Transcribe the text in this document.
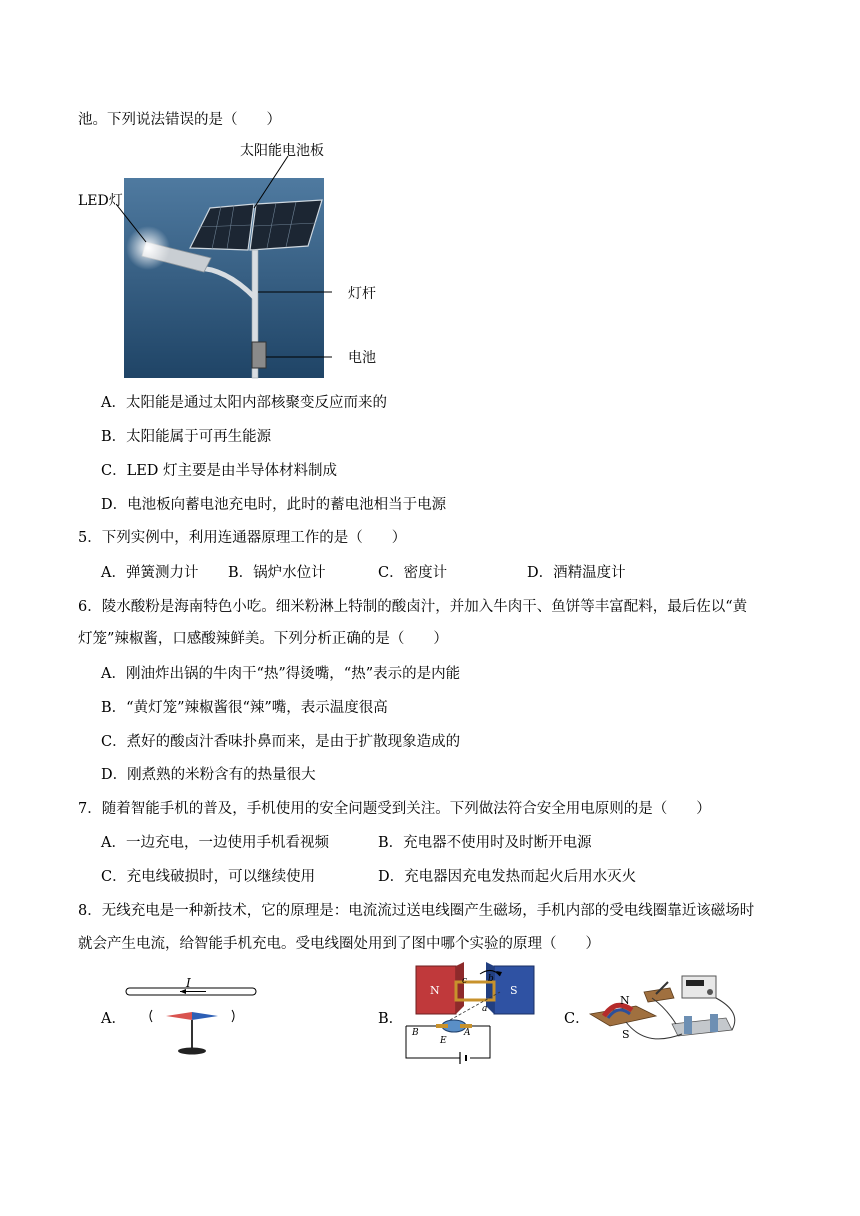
池。下列说法错误的是（　　）
太阳能电池板
LED灯
灯杆
电池
A．太阳能是通过太阳内部核聚变反应而来的
B．太阳能属于可再生能源
C．LED 灯主要是由半导体材料制成
D．电池板向蓄电池充电时，此时的蓄电池相当于电源
5．下列实例中，利用连通器原理工作的是（　　）
A．弹簧测力计 B．锅炉水位计	C．密度计	D．酒精温度计
6．陵水酸粉是海南特色小吃。细米粉淋上特制的酸卤汁，并加入牛肉干、鱼饼等丰富配料，最后佐以“黄
灯笼”辣椒酱，口感酸辣鲜美。下列分析正确的是（　　）
A．刚油炸出锅的牛肉干“热”得烫嘴，“热”表示的是内能
B．“黄灯笼”辣椒酱很“辣”嘴，表示温度很高
C．煮好的酸卤汁香味扑鼻而来，是由于扩散现象造成的
D．刚煮熟的米粉含有的热量很大
7．随着智能手机的普及，手机使用的安全问题受到关注。下列做法符合安全用电原则的是（　　）
A．一边充电，一边使用手机看视频	B．充电器不使用时及时断开电源
C．充电线破损时，可以继续使用	D．充电器因充电发热而起火后用水灭火
8．无线充电是一种新技术，它的原理是：电流流过送电线圈产生磁场，手机内部的受电线圈靠近该磁场时
就会产生电流，给智能手机充电。受电线圈处用到了图中哪个实验的原理（　　）
A．
I
B．
N	S
c b
a
B
E
A
C．
N
S
